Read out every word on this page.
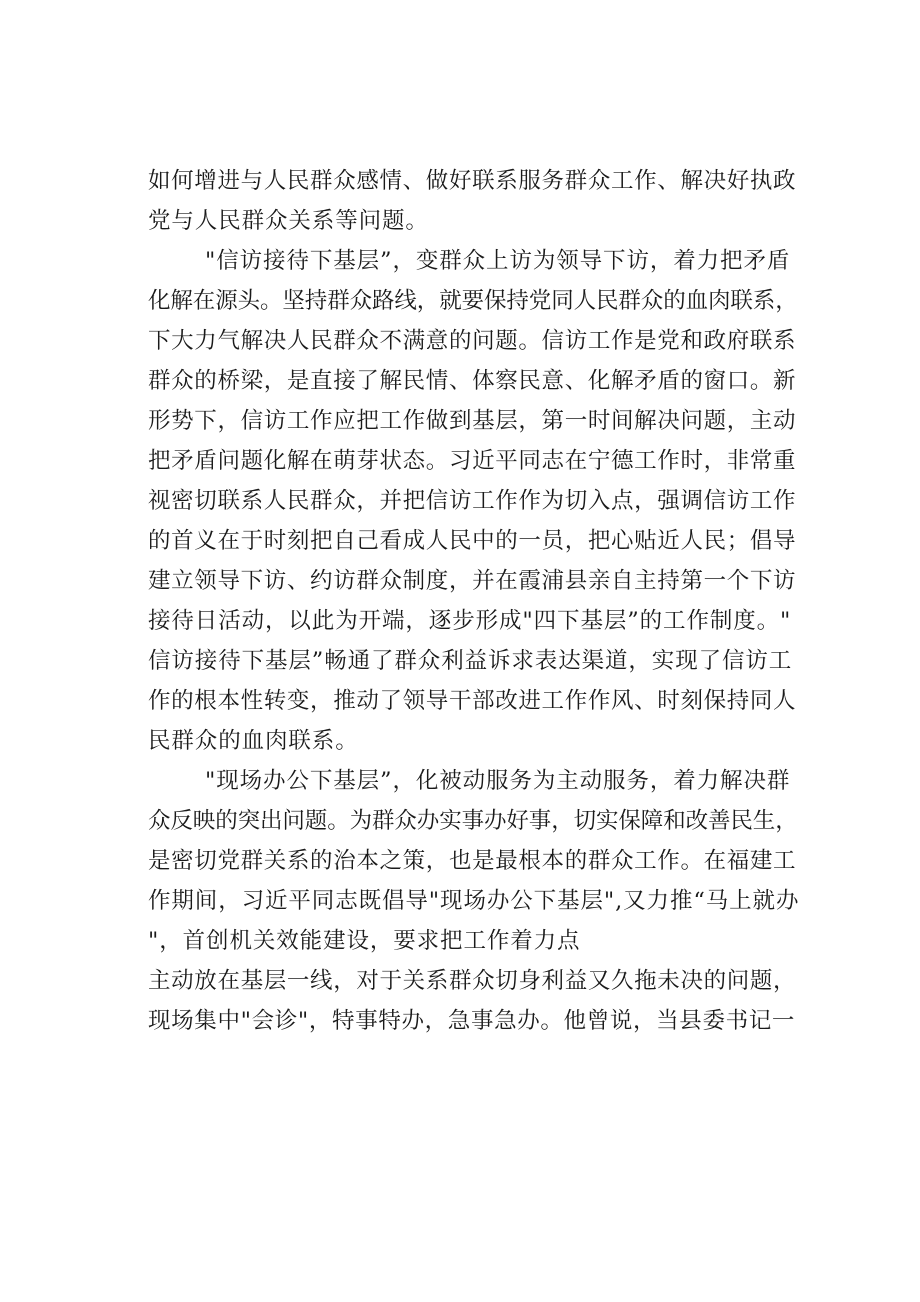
如何增进与人民群众感情、做好联系服务群众工作、解决好执政

党与人民群众关系等问题。

"信访接待下基层”，变群众上访为领导下访，着力把矛盾

化解在源头。坚持群众路线，就要保持党同人民群众的血肉联系，

下大力气解决人民群众不满意的问题。信访工作是党和政府联系

群众的桥梁，是直接了解民情、体察民意、化解矛盾的窗口。新

形势下，信访工作应把工作做到基层，第一时间解决问题，主动

把矛盾问题化解在萌芽状态。习近平同志在宁德工作时，非常重

视密切联系人民群众，并把信访工作作为切入点，强调信访工作

的首义在于时刻把自己看成人民中的一员，把心贴近人民；倡导

建立领导下访、约访群众制度，并在霞浦县亲自主持第一个下访

接待日活动，以此为开端，逐步形成"四下基层”的工作制度。"

信访接待下基层”畅通了群众利益诉求表达渠道，实现了信访工

作的根本性转变，推动了领导干部改进工作作风、时刻保持同人

民群众的血肉联系。

"现场办公下基层”，化被动服务为主动服务，着力解决群

众反映的突出问题。为群众办实事办好事，切实保障和改善民生，

是密切党群关系的治本之策，也是最根本的群众工作。在福建工

作期间，习近平同志既倡导"现场办公下基层",又力推“马上就办

"，首创机关效能建设，要求把工作着力点

主动放在基层一线，对于关系群众切身利益又久拖未决的问题，

现场集中"会诊"，特事特办，急事急办。他曾说，当县委书记一
